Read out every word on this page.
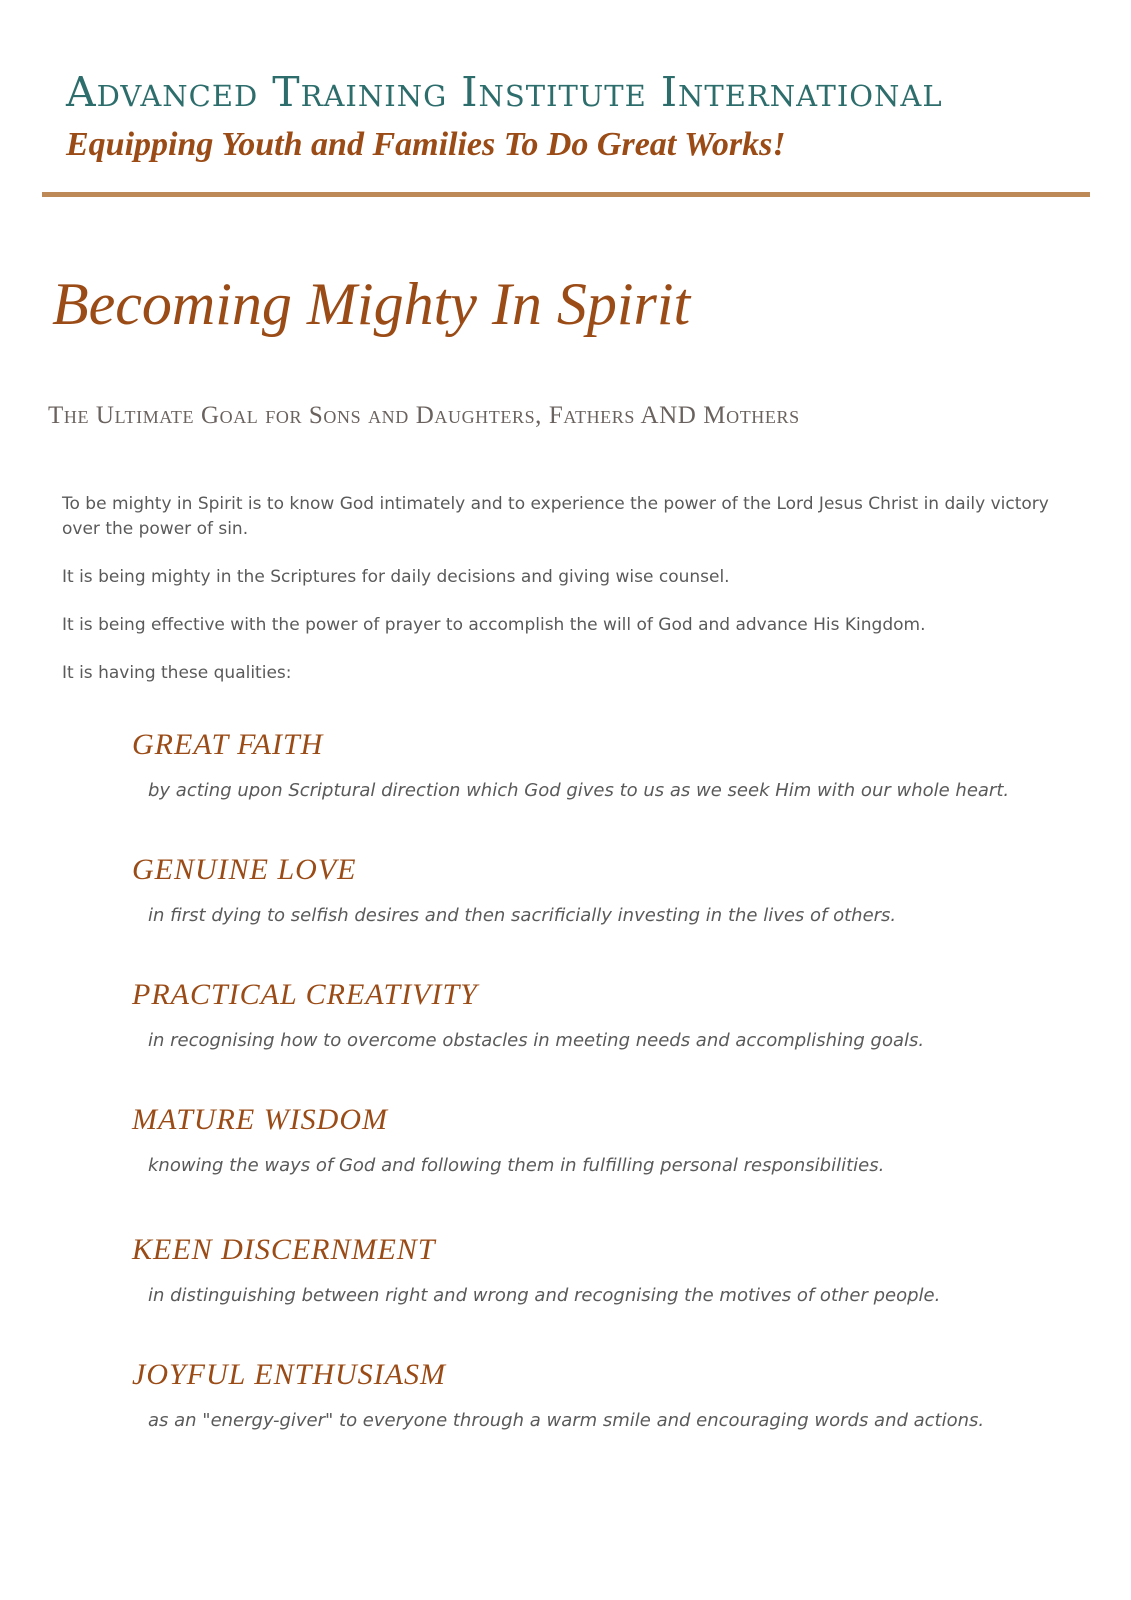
Advanced Training Institute International
Equipping Youth and Families To Do Great Works!
Becoming Mighty In Spirit
The Ultimate Goal for Sons and Daughters, Fathers AND Mothers

To be mighty in Spirit is to know God intimately and to experience the power of the Lord Jesus Christ in daily victory over the power of sin.

It is being mighty in the Scriptures for daily decisions and giving wise counsel.

It is being effective with the power of prayer to accomplish the will of God and advance His Kingdom.

It is having these qualities:

GREAT FAITH
by acting upon Scriptural direction which God gives to us as we seek Him with our whole heart.
GENUINE LOVE
in first dying to selfish desires and then sacrificially investing in the lives of others.
PRACTICAL CREATIVITY
in recognising how to overcome obstacles in meeting needs and accomplishing goals.
MATURE WISDOM
knowing the ways of God and following them in fulfilling personal responsibilities.
KEEN DISCERNMENT
in distinguishing between right and wrong and recognising the motives of other people.
JOYFUL ENTHUSIASM
as an "energy-giver" to everyone through a warm smile and encouraging words and actions.
